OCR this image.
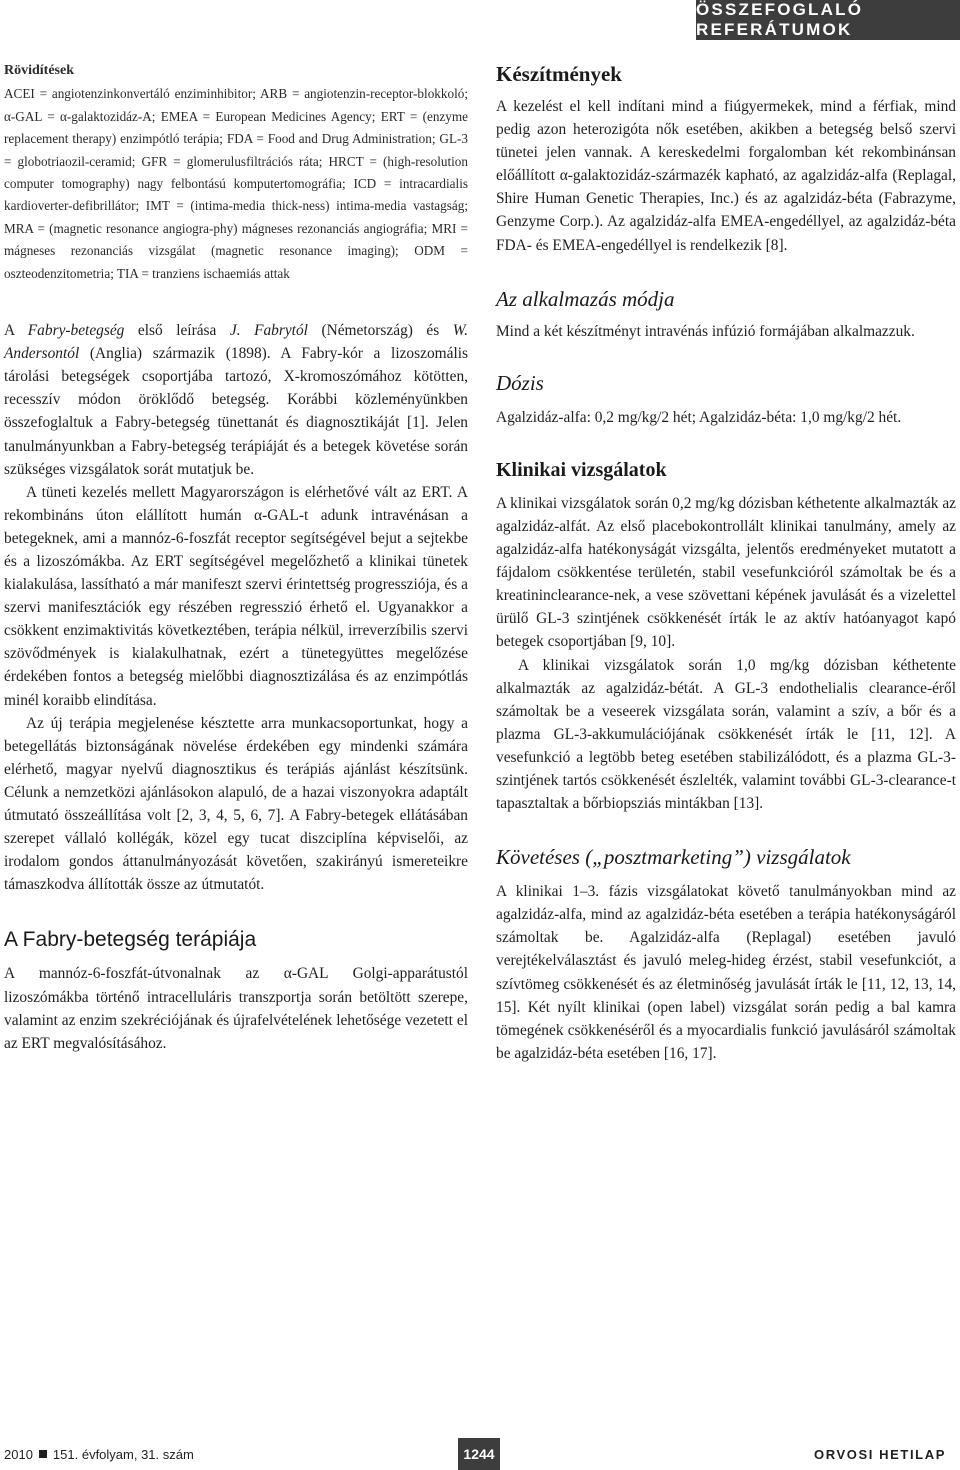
ÖSSZEFOGLALÓ REFERÁTUMOK
Rövidítések
ACEI = angiotenzinkonvertáló enziminhibitor; ARB = angiotenzin-receptor-blokkoló; α-GAL = α-galaktozidáz-A; EMEA = European Medicines Agency; ERT = (enzyme replacement therapy) enzimpótló terápia; FDA = Food and Drug Administration; GL-3 = globotriaozil-ceramid; GFR = glomerulusfiltrációs ráta; HRCT = (high-resolution computer tomography) nagy felbontású komputertomográfia; ICD = intracardialis kardioverter-defibrillátor; IMT = (intima-media thick-ness) intima-media vastagság; MRA = (magnetic resonance angiogra-phy) mágneses rezonanciás angiográfia; MRI = mágneses rezonanciás vizsgálat (magnetic resonance imaging); ODM = oszteodenzitometria; TIA = tranziens ischaemiás attak

A Fabry-betegség első leírása J. Fabrytól (Németország) és W. Andersontól (Anglia) származik (1898). A Fabry-kór a lizoszomális tárolási betegségek csoportjába tartozó, X-kromoszómához kötötten, recesszív módon öröklődő betegség. Korábbi közleményünkben összefoglaltuk a Fabry-betegség tünettanát és diagnosztikáját [1]. Jelen tanulmányunkban a Fabry-betegség terápiáját és a betegek követése során szükséges vizsgálatok sorát mutatjuk be.

A tüneti kezelés mellett Magyarországon is elérhetővé vált az ERT. A rekombináns úton elállított humán α-GAL-t adunk intravénásan a betegeknek, ami a mannóz-6-foszfát receptor segítségével bejut a sejtekbe és a lizoszómákba. Az ERT segítségével megelőzhető a klinikai tünetek kialakulása, lassítható a már manifeszt szervi érintettség progressziója, és a szervi manifesztációk egy részében regresszió érhető el. Ugyanakkor a csökkent enzimaktivitás következtében, terápia nélkül, irreverzíbilis szervi szövődmények is kialakulhatnak, ezért a tünetegyüttes megelőzése érdekében fontos a betegség mielőbbi diagnosztizálása és az enzimpótlás minél koraibb elindítása.

Az új terápia megjelenése késztette arra munkacsoportunkat, hogy a betegellátás biztonságának növelése érdekében egy mindenki számára elérhető, magyar nyelvű diagnosztikus és terápiás ajánlást készítsünk. Célunk a nemzetközi ajánlásokon alapuló, de a hazai viszonyokra adaptált útmutató összeállítása volt [2, 3, 4, 5, 6, 7]. A Fabry-betegek ellátásában szerepet vállaló kollégák, közel egy tucat diszciplína képviselői, az irodalom gondos áttanulmányozását követően, szakirányú ismereteikre támaszkodva állították össze az útmutatót.

A Fabry-betegség terápiája

A mannóz-6-foszfát-útvonalnak az α-GAL Golgi-apparátustól lizoszómákba történő intracelluláris transzportja során betöltött szerepe, valamint az enzim szekréciójának és újrafelvételének lehetősége vezetett el az ERT megvalósításához.

Készítmények

A kezelést el kell indítani mind a fiúgyermekek, mind a férfiak, mind pedig azon heterozigóta nők esetében, akikben a betegség belső szervi tünetei jelen vannak. A kereskedelmi forgalomban két rekombinánsan előállított α-galaktozidáz-származék kapható, az agalzidáz-alfa (Replagal, Shire Human Genetic Therapies, Inc.) és az agalzidáz-béta (Fabrazyme, Genzyme Corp.). Az agalzidáz-alfa EMEA-engedéllyel, az agalzidáz-béta FDA- és EMEA-engedéllyel is rendelkezik [8].

Az alkalmazás módja

Mind a két készítményt intravénás infúzió formájában alkalmazzuk.

Dózis

Agalzidáz-alfa: 0,2 mg/kg/2 hét; Agalzidáz-béta: 1,0 mg/kg/2 hét.

Klinikai vizsgálatok

A klinikai vizsgálatok során 0,2 mg/kg dózisban kéthetente alkalmazták az agalzidáz-alfát. Az első placebokontrollált klinikai tanulmány, amely az agalzidáz-alfa hatékonyságát vizsgálta, jelentős eredményeket mutatott a fájdalom csökkentése területén, stabil vesefunkcióról számoltak be és a kreatininclearance-nek, a vese szövettani képének javulását és a vizelettel ürülő GL-3 szintjének csökkenését írták le az aktív hatóanyagot kapó betegek csoportjában [9, 10].

A klinikai vizsgálatok során 1,0 mg/kg dózisban kéthetente alkalmazták az agalzidáz-bétát. A GL-3 endothelialis clearance-éről számoltak be a veseerek vizsgálata során, valamint a szív, a bőr és a plazma GL-3-akkumulációjának csökkenését írták le [11, 12]. A vesefunkció a legtöbb beteg esetében stabilizálódott, és a plazma GL-3-szintjének tartós csökkenését észlelték, valamint további GL-3-clearance-t tapasztaltak a bőrbiopsziás mintákban [13].

Követéses („posztmarketing”) vizsgálatok

A klinikai 1–3. fázis vizsgálatokat követő tanulmányokban mind az agalzidáz-alfa, mind az agalzidáz-béta esetében a terápia hatékonyságáról számoltak be. Agalzidáz-alfa (Replagal) esetében javuló verejtékelválasztást és javuló meleg-hideg érzést, stabil vesefunkciót, a szívtömeg csökkenését és az életminőség javulását írták le [11, 12, 13, 14, 15]. Két nyílt klinikai (open label) vizsgálat során pedig a bal kamra tömegének csökkenéséről és a myocardialis funkció javulásáról számoltak be agalzidáz-béta esetében [16, 17].

2010 151. évfolyam, 31. szám	1244	ORVOSI HETILAP
